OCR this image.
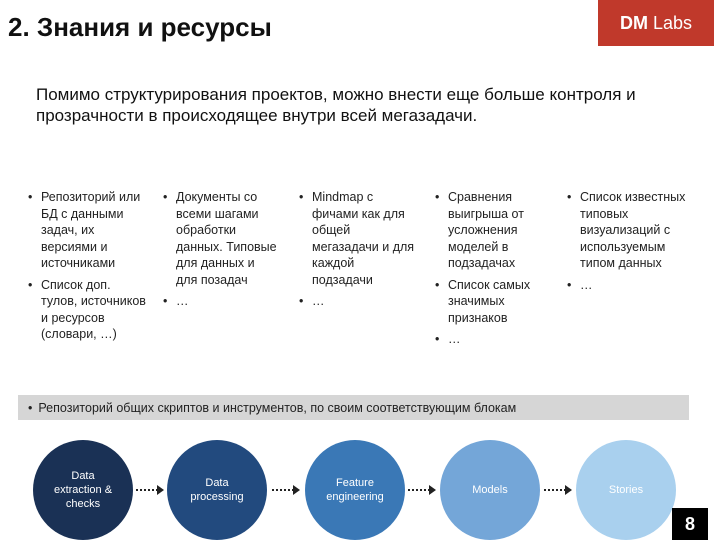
2. Знания и ресурсы	DM Labs
Помимо структурирования проектов, можно внести еще больше контроля и прозрачности в происходящее внутри всей мегазадачи.
• Репозиторий или БД с данными задач, их версиями и источниками
• Список доп. тулов, источников и ресурсов (словари, …)
• Документы со всеми шагами обработки данных. Типовые для данных и для позадач
• …
• Mindmap с фичами как для общей мегазадачи и для каждой подзадачи
• …
• Сравнения выигрыша от усложнения моделей в подзадачах
• Список самых значимых признаков
• …
• Список известных типовых визуализаций с используемым типом данных
• …
• Репозиторий общих скриптов и инструментов, по своим соответствующим блокам
Data extraction & checks
Data processing
Feature engineering
Models	Stories
8
